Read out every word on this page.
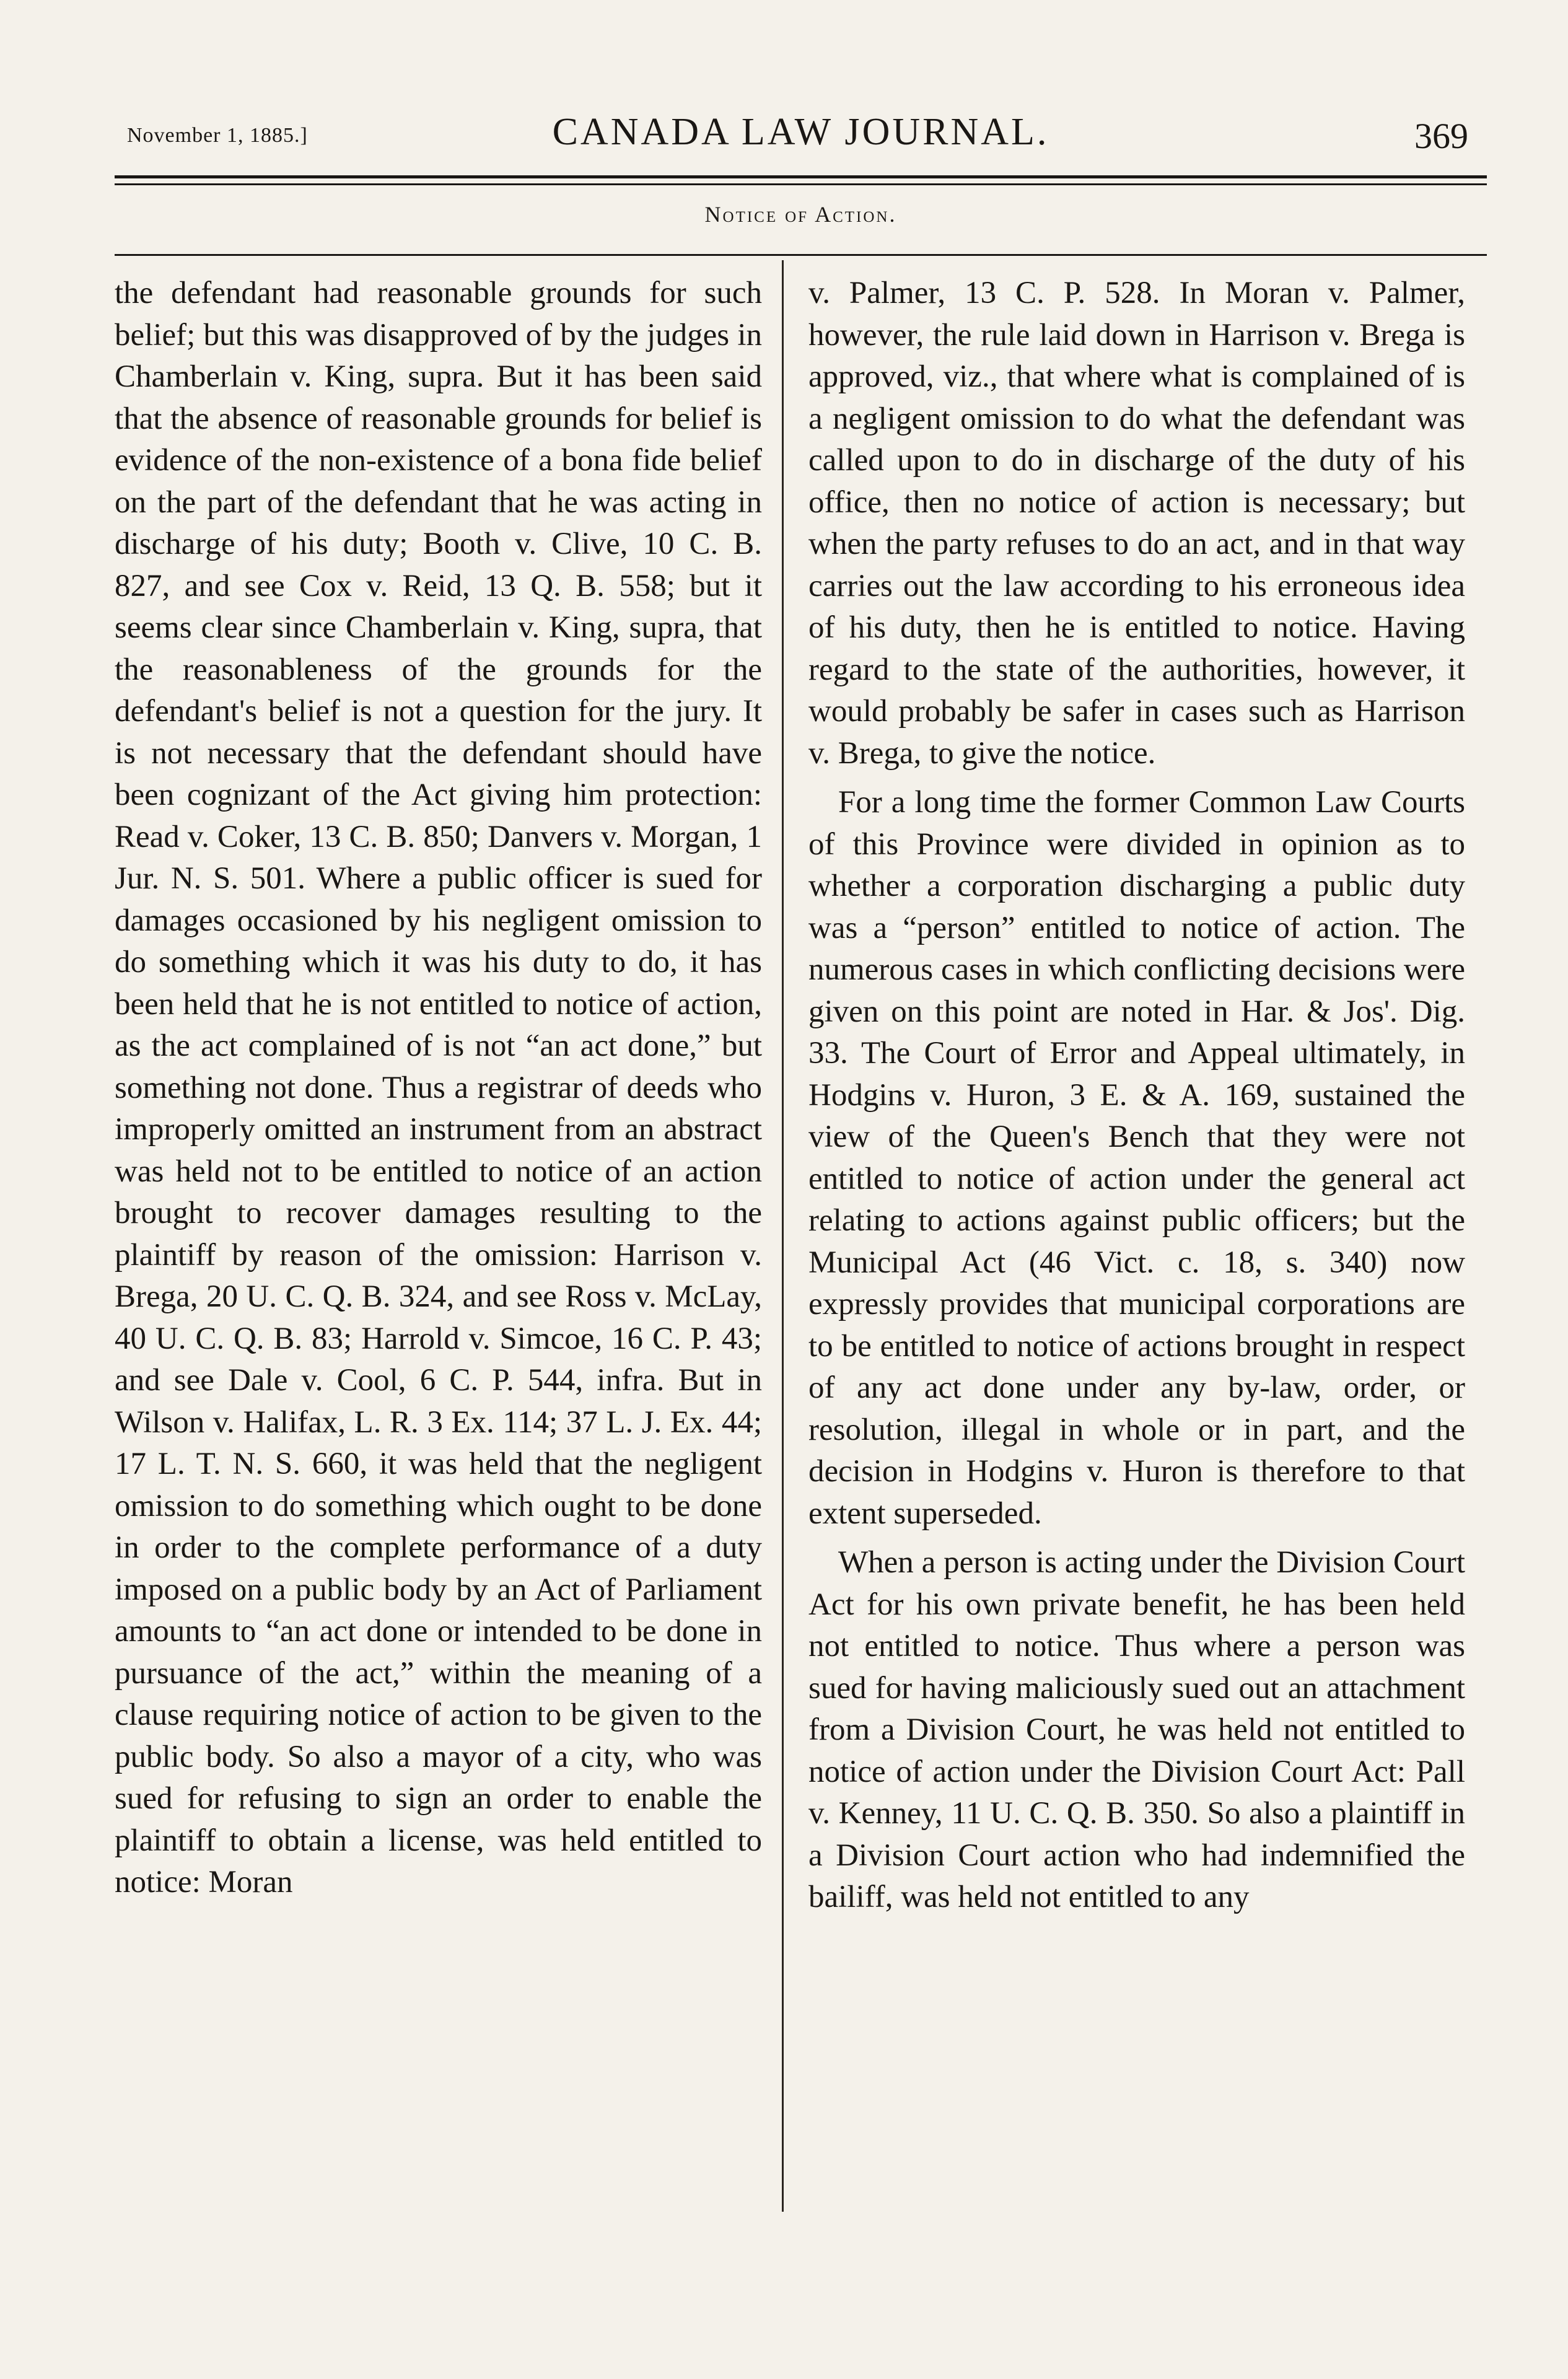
November 1, 1885.]	CANADA LAW JOURNAL.	369
Notice of Action.

the defendant had reasonable grounds for such belief; but this was disapproved of by the judges in Chamberlain v. King, supra. But it has been said that the absence of reasonable grounds for belief is evidence of the non-existence of a bona fide belief on the part of the defendant that he was acting in discharge of his duty; Booth v. Clive, 10 C. B. 827, and see Cox v. Reid, 13 Q. B. 558; but it seems clear since Chamberlain v. King, supra, that the reasonableness of the grounds for the defendant's belief is not a question for the jury. It is not necessary that the defendant should have been cognizant of the Act giving him protection: Read v. Coker, 13 C. B. 850; Danvers v. Morgan, 1 Jur. N. S. 501. Where a public officer is sued for damages occasioned by his negligent omission to do something which it was his duty to do, it has been held that he is not entitled to notice of action, as the act complained of is not “an act done,” but something not done. Thus a registrar of deeds who improperly omitted an instrument from an abstract was held not to be entitled to notice of an action brought to recover damages resulting to the plaintiff by reason of the omission: Harrison v. Brega, 20 U. C. Q. B. 324, and see Ross v. McLay, 40 U. C. Q. B. 83; Harrold v. Simcoe, 16 C. P. 43; and see Dale v. Cool, 6 C. P. 544, infra. But in Wilson v. Halifax, L. R. 3 Ex. 114; 37 L. J. Ex. 44; 17 L. T. N. S. 660, it was held that the negligent omission to do something which ought to be done in order to the complete performance of a duty imposed on a public body by an Act of Parliament amounts to “an act done or intended to be done in pursuance of the act,” within the meaning of a clause requiring notice of action to be given to the public body. So also a mayor of a city, who was sued for refusing to sign an order to enable the plaintiff to obtain a license, was held entitled to notice: Moran

v. Palmer, 13 C. P. 528. In Moran v. Palmer, however, the rule laid down in Harrison v. Brega is approved, viz., that where what is complained of is a negligent omission to do what the defendant was called upon to do in discharge of the duty of his office, then no notice of action is necessary; but when the party refuses to do an act, and in that way carries out the law according to his erroneous idea of his duty, then he is entitled to notice. Having regard to the state of the authorities, however, it would probably be safer in cases such as Harrison v. Brega, to give the notice.

For a long time the former Common Law Courts of this Province were divided in opinion as to whether a corporation discharging a public duty was a “person” entitled to notice of action. The numerous cases in which conflicting decisions were given on this point are noted in Har. & Jos'. Dig. 33. The Court of Error and Appeal ultimately, in Hodgins v. Huron, 3 E. & A. 169, sustained the view of the Queen's Bench that they were not entitled to notice of action under the general act relating to actions against public officers; but the Municipal Act (46 Vict. c. 18, s. 340) now expressly provides that municipal corporations are to be entitled to notice of actions brought in respect of any act done under any by-law, order, or resolution, illegal in whole or in part, and the decision in Hodgins v. Huron is therefore to that extent superseded.

When a person is acting under the Division Court Act for his own private benefit, he has been held not entitled to notice. Thus where a person was sued for having maliciously sued out an attachment from a Division Court, he was held not entitled to notice of action under the Division Court Act: Pall v. Kenney, 11 U. C. Q. B. 350. So also a plaintiff in a Division Court action who had indemnified the bailiff, was held not entitled to any
